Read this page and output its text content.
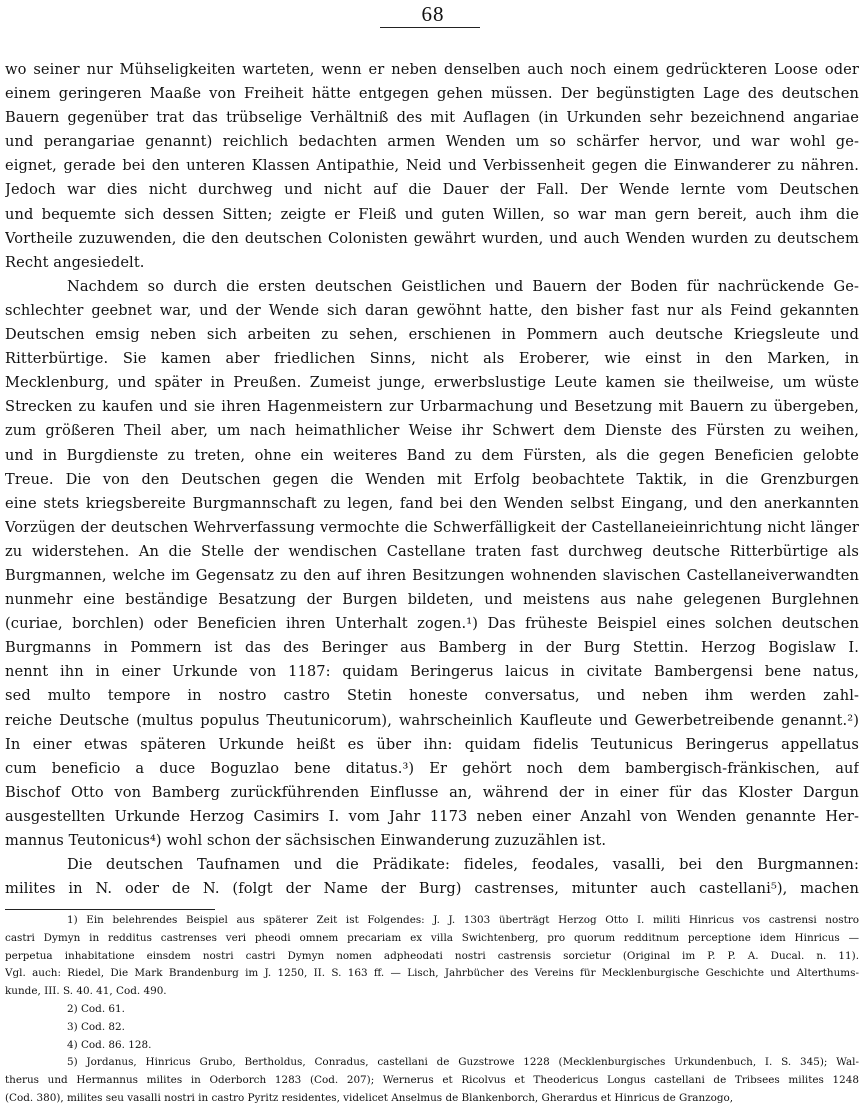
68
wo seiner nur Mühseligkeiten warteten, wenn er neben denselben auch noch einem gedrückteren Loose oder
einem geringeren Maaße von Freiheit hätte entgegen gehen müssen. Der begünstigten Lage des deutschen
Bauern gegenüber trat das trübselige Verhältniß des mit Auflagen (in Urkunden sehr bezeichnend angariae
und perangariae genannt) reichlich bedachten armen Wenden um so schärfer hervor, und war wohl ge-
eignet, gerade bei den unteren Klassen Antipathie, Neid und Verbissenheit gegen die Einwanderer zu nähren.
Jedoch war dies nicht durchweg und nicht auf die Dauer der Fall. Der Wende lernte vom Deutschen
und bequemte sich dessen Sitten; zeigte er Fleiß und guten Willen, so war man gern bereit, auch ihm die
Vortheile zuzuwenden, die den deutschen Colonisten gewährt wurden, und auch Wenden wurden zu deutschem
Recht angesiedelt.
Nachdem so durch die ersten deutschen Geistlichen und Bauern der Boden für nachrückende Ge-
schlechter geebnet war, und der Wende sich daran gewöhnt hatte, den bisher fast nur als Feind gekannten
Deutschen emsig neben sich arbeiten zu sehen, erschienen in Pommern auch deutsche Kriegsleute und
Ritterbürtige. Sie kamen aber friedlichen Sinns, nicht als Eroberer, wie einst in den Marken, in
Mecklenburg, und später in Preußen. Zumeist junge, erwerbslustige Leute kamen sie theilweise, um wüste
Strecken zu kaufen und sie ihren Hagenmeistern zur Urbarmachung und Besetzung mit Bauern zu übergeben,
zum größeren Theil aber, um nach heimathlicher Weise ihr Schwert dem Dienste des Fürsten zu weihen,
und in Burgdienste zu treten, ohne ein weiteres Band zu dem Fürsten, als die gegen Beneficien gelobte
Treue. Die von den Deutschen gegen die Wenden mit Erfolg beobachtete Taktik, in die Grenzburgen
eine stets kriegsbereite Burgmannschaft zu legen, fand bei den Wenden selbst Eingang, und den anerkannten
Vorzügen der deutschen Wehrverfassung vermochte die Schwerfälligkeit der Castellaneieinrichtung nicht länger
zu widerstehen. An die Stelle der wendischen Castellane traten fast durchweg deutsche Ritterbürtige als
Burgmannen, welche im Gegensatz zu den auf ihren Besitzungen wohnenden slavischen Castellaneiverwandten
nunmehr eine beständige Besatzung der Burgen bildeten, und meistens aus nahe gelegenen Burglehnen
(curiae, borchlen) oder Beneficien ihren Unterhalt zogen.¹) Das früheste Beispiel eines solchen deutschen
Burgmanns in Pommern ist das des Beringer aus Bamberg in der Burg Stettin. Herzog Bogislaw I.
nennt ihn in einer Urkunde von 1187: quidam Beringerus laicus in civitate Bambergensi bene natus,
sed multo tempore in nostro castro Stetin honeste conversatus, und neben ihm werden zahl-
reiche Deutsche (multus populus Theutunicorum), wahrscheinlich Kaufleute und Gewerbetreibende genannt.²)
In einer etwas späteren Urkunde heißt es über ihn: quidam fidelis Teutunicus Beringerus appellatus
cum beneficio a duce Boguzlao bene ditatus.³) Er gehört noch dem bambergisch-fränkischen, auf
Bischof Otto von Bamberg zurückführenden Einflusse an, während der in einer für das Kloster Dargun
ausgestellten Urkunde Herzog Casimirs I. vom Jahr 1173 neben einer Anzahl von Wenden genannte Her-
mannus Teutonicus⁴) wohl schon der sächsischen Einwanderung zuzuzählen ist.
Die deutschen Taufnamen und die Prädikate: fideles, feodales, vasalli, bei den Burgmannen:
milites in N. oder de N. (folgt der Name der Burg) castrenses, mitunter auch castellani⁵), machen
1) Ein belehrendes Beispiel aus späterer Zeit ist Folgendes: J. J. 1303 überträgt Herzog Otto I. militi Hinricus vos castrensi nostro
castri Dymyn in redditus castrenses veri pheodi omnem precariam ex villa Swichtenberg, pro quorum redditnum perceptione idem Hinricus —
perpetua inhabitatione einsdem nostri castri Dymyn nomen adpheodati nostri castrensis sorcietur (Original im P. P. A. Ducal. n. 11).
Vgl. auch: Riedel, Die Mark Brandenburg im J. 1250, II. S. 163 ff. — Lisch, Jahrbücher des Vereins für Mecklenburgische Geschichte und Alterthums-
kunde, III. S. 40. 41, Cod. 490.
2) Cod. 61.
3) Cod. 82.
4) Cod. 86. 128.
5) Jordanus, Hinricus Grubo, Bertholdus, Conradus, castellani de Guzstrowe 1228 (Mecklenburgisches Urkundenbuch, I. S. 345); Wal-
therus und Hermannus milites in Oderborch 1283 (Cod. 207); Wernerus et Ricolvus et Theodericus Longus castellani de Tribsees milites 1248
(Cod. 380), milites seu vasalli nostri in castro Pyritz residentes, videlicet Anselmus de Blankenborch, Gherardus et Hinricus de Granzogo,
